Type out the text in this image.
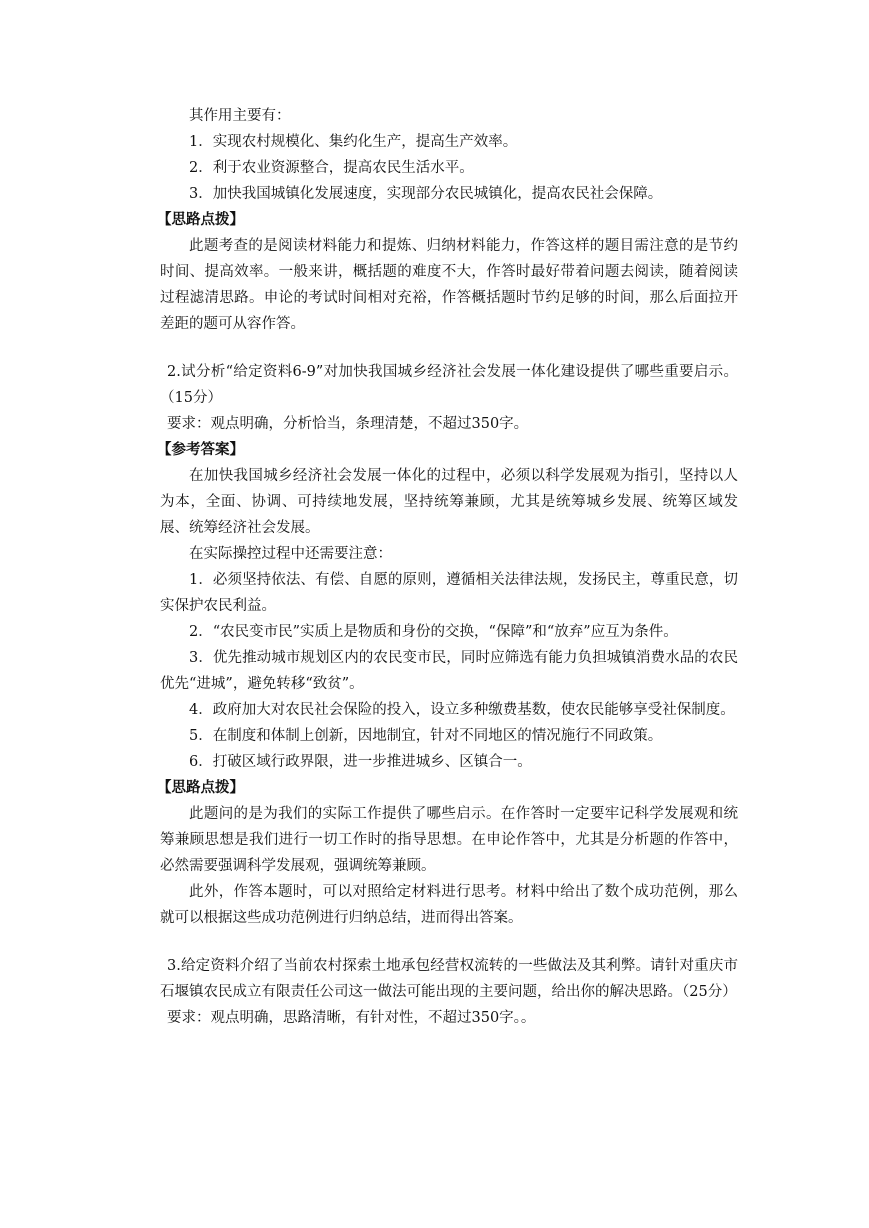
其作用主要有：

1．实现农村规模化、集约化生产，提高生产效率。

2．利于农业资源整合，提高农民生活水平。

3．加快我国城镇化发展速度，实现部分农民城镇化，提高农民社会保障。

【思路点拨】

此题考查的是阅读材料能力和提炼、归纳材料能力，作答这样的题目需注意的是节约时间、提高效率。一般来讲，概括题的难度不大，作答时最好带着问题去阅读，随着阅读过程滤清思路。申论的考试时间相对充裕，作答概括题时节约足够的时间，那么后面拉开差距的题可从容作答。

2.试分析“给定资料6-9”对加快我国城乡经济社会发展一体化建设提供了哪些重要启示。（15分）

要求：观点明确，分析恰当，条理清楚，不超过350字。

【参考答案】

在加快我国城乡经济社会发展一体化的过程中，必须以科学发展观为指引，坚持以人为本，全面、协调、可持续地发展，坚持统筹兼顾，尤其是统筹城乡发展、统筹区域发展、统筹经济社会发展。

在实际操控过程中还需要注意：

1．必须坚持依法、有偿、自愿的原则，遵循相关法律法规，发扬民主，尊重民意，切实保护农民利益。

2．“农民变市民”实质上是物质和身份的交换，“保障”和“放弃”应互为条件。

3．优先推动城市规划区内的农民变市民，同时应筛选有能力负担城镇消费水品的农民优先“进城”，避免转移“致贫”。

4．政府加大对农民社会保险的投入，设立多种缴费基数，使农民能够享受社保制度。

5．在制度和体制上创新，因地制宜，针对不同地区的情况施行不同政策。

6．打破区域行政界限，进一步推进城乡、区镇合一。

【思路点拨】

此题问的是为我们的实际工作提供了哪些启示。在作答时一定要牢记科学发展观和统筹兼顾思想是我们进行一切工作时的指导思想。在申论作答中，尤其是分析题的作答中，必然需要强调科学发展观，强调统筹兼顾。

此外，作答本题时，可以对照给定材料进行思考。材料中给出了数个成功范例，那么就可以根据这些成功范例进行归纳总结，进而得出答案。

3.给定资料介绍了当前农村探索土地承包经营权流转的一些做法及其利弊。请针对重庆市石堰镇农民成立有限责任公司这一做法可能出现的主要问题，给出你的解决思路。（25分）

要求：观点明确，思路清晰，有针对性，不超过350字。。
